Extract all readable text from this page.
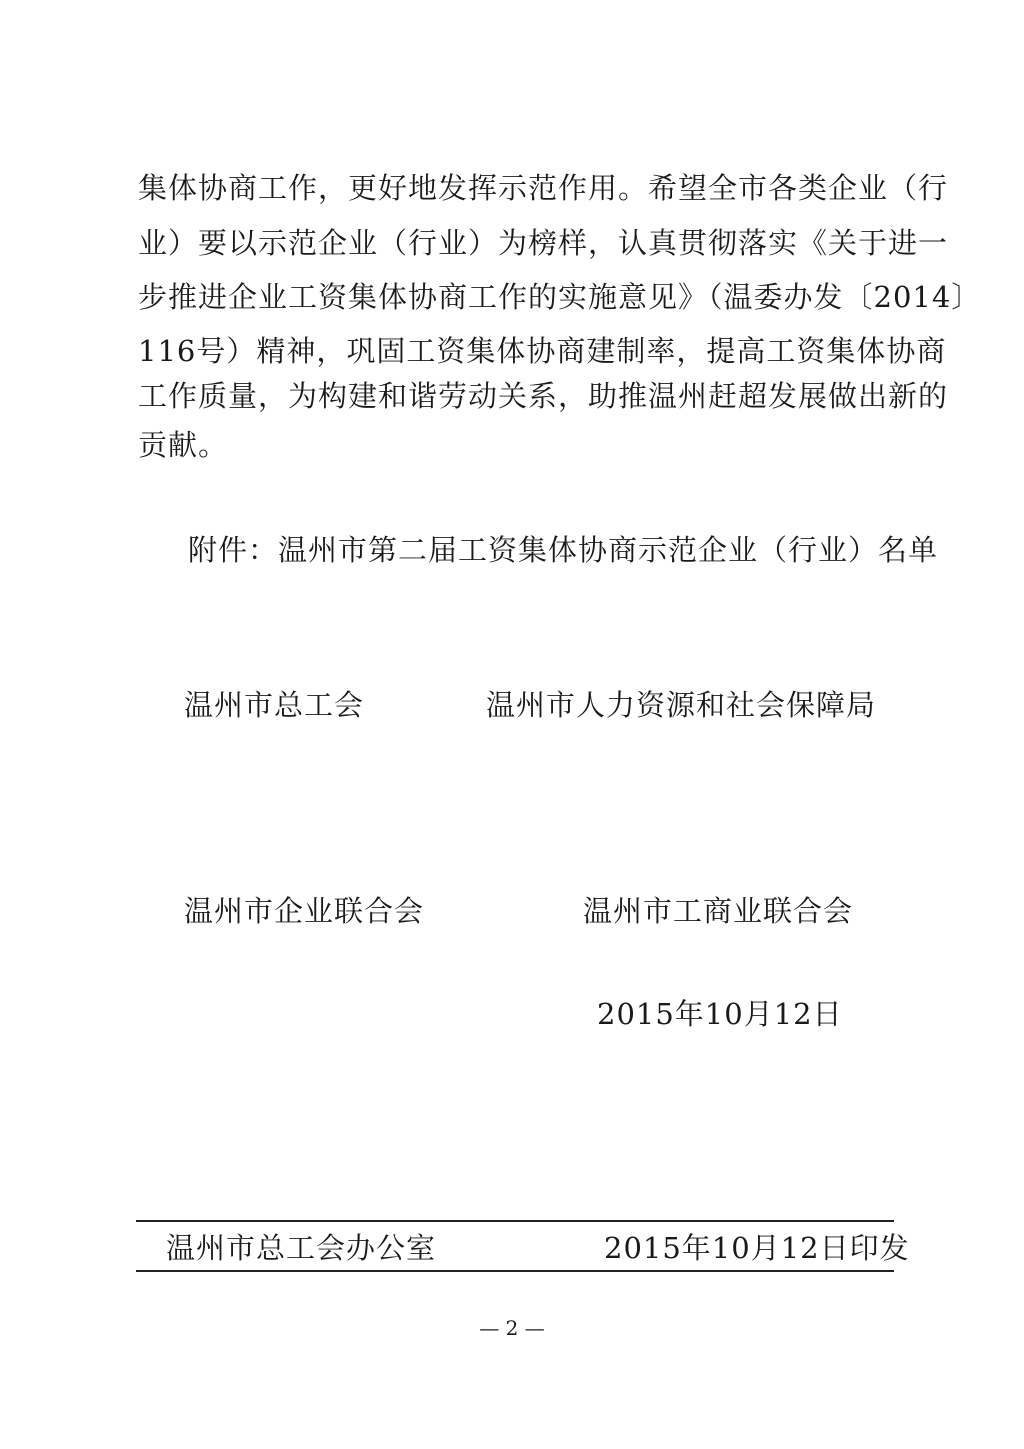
集体协商工作，更好地发挥示范作用。希望全市各类企业（行
业）要以示范企业（行业）为榜样，认真贯彻落实《关于进一
步推进企业工资集体协商工作的实施意见》（温委办发〔2014〕
116号）精神，巩固工资集体协商建制率，提高工资集体协商
工作质量，为构建和谐劳动关系，助推温州赶超发展做出新的
贡献。
附件：温州市第二届工资集体协商示范企业（行业）名单
温州市总工会	温州市人力资源和社会保障局
温州市企业联合会	温州市工商业联合会
2015年10月12日
温州市总工会办公室	2015年10月12日印发
— 2 —
